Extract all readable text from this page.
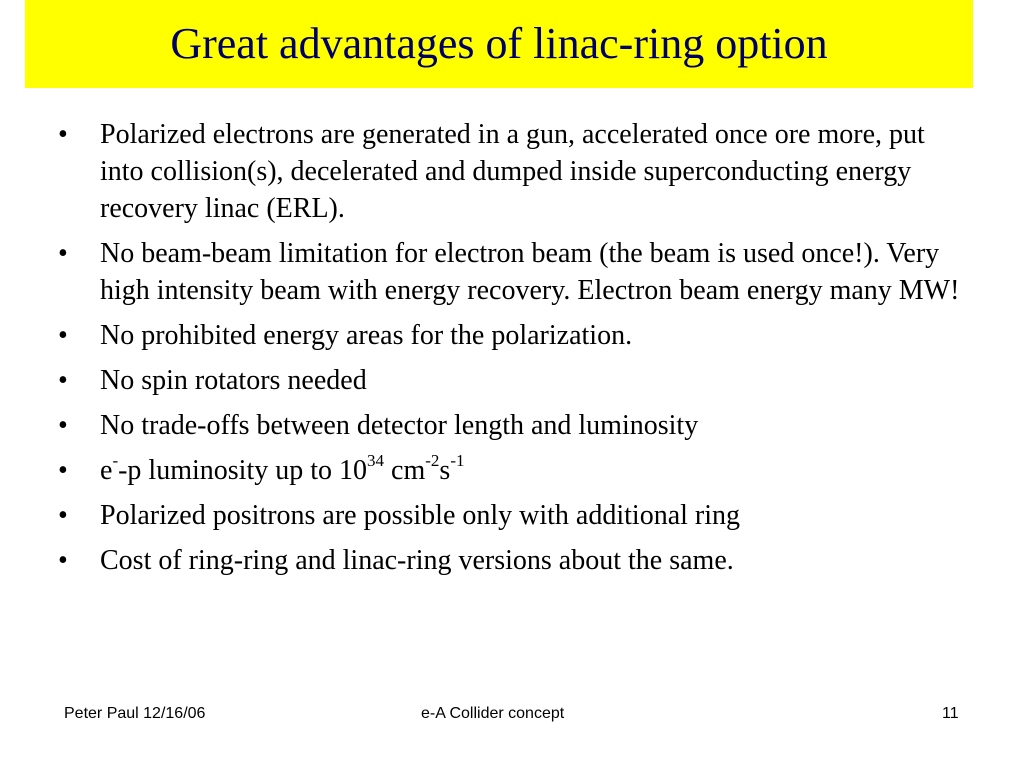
Great advantages of linac-ring option
• Polarized electrons are generated in a gun, accelerated once ore more, put into collision(s), decelerated and dumped inside superconducting energy recovery linac (ERL).
• No beam-beam limitation for electron beam (the beam is used once!). Very high intensity beam with energy recovery. Electron beam energy many MW!
• No prohibited energy areas for the polarization.
• No spin rotators needed
• No trade-offs between detector length and luminosity
• e--p luminosity up to $10^{34}$ $cm^{-2}s^{-1}$
• Polarized positrons are possible only with additional ring
• Cost of ring-ring and linac-ring versions about the same.
Peter Paul 12/16/06	e-A Collider concept	11
